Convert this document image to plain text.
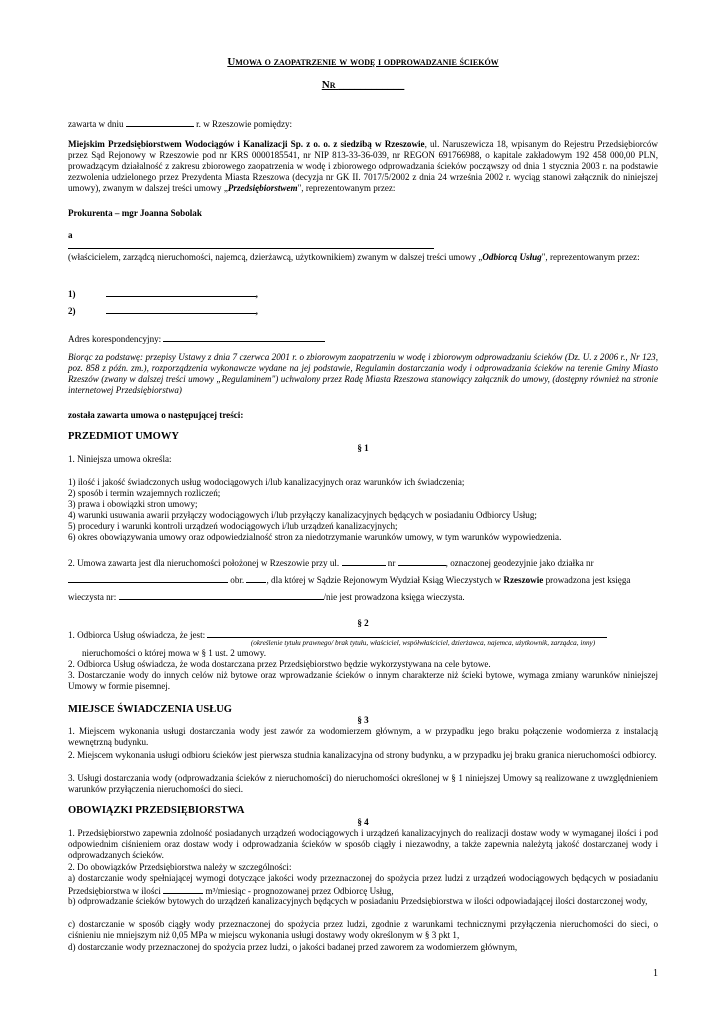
Umowa o zaopatrzenie w wodę i odprowadzanie ścieków
Nr ____________
zawarta w dniu	r. w Rzeszowie pomiędzy:
Miejskim Przedsiębiorstwem Wodociągów i Kanalizacji Sp. z o. o. z siedzibą w Rzeszowie, ul. Naruszewicza 18, wpisanym do Rejestru Przedsiębiorców przez Sąd Rejonowy w Rzeszowie pod nr KRS 0000185541, nr NIP 813-33-36-039, nr REGON 691766988, o kapitale zakładowym 192 458 000,00 PLN, prowadzącym działalność z zakresu zbiorowego zaopatrzenia w wodę i zbiorowego odprowadzania ścieków począwszy od dnia 1 stycznia 2003 r. na podstawie zezwolenia udzielonego przez Prezydenta Miasta Rzeszowa (decyzja nr GK II. 7017/5/2002 z dnia 24 września 2002 r. wyciąg stanowi załącznik do niniejszej umowy), zwanym w dalszej treści umowy „Przedsiębiorstwem", reprezentowanym przez:
Prokurenta – mgr Joanna Sobolak
a
(właścicielem, zarządcą nieruchomości, najemcą, dzierżawcą, użytkownikiem) zwanym w dalszej treści umowy „Odbiorcą Usług", reprezentowanym przez:
1)	,
2)	,
Adres korespondencyjny:
Biorąc za podstawę: przepisy Ustawy z dnia 7 czerwca 2001 r. o zbiorowym zaopatrzeniu w wodę i zbiorowym odprowadzaniu ścieków (Dz. U. z 2006 r., Nr 123, poz. 858 z późn. zm.), rozporządzenia wykonawcze wydane na jej podstawie, Regulamin dostarczania wody i odprowadzania ścieków na terenie Gminy Miasto Rzeszów (zwany w dalszej treści umowy „Regulaminem") uchwalony przez Radę Miasta Rzeszowa stanowiący załącznik do umowy, (dostępny również na stronie internetowej Przedsiębiorstwa)
została zawarta umowa o następującej treści:
PRZEDMIOT UMOWY
§ 1
1. Niniejsza umowa określa:
1) ilość i jakość świadczonych usług wodociągowych i/lub kanalizacyjnych oraz warunków ich świadczenia;
2) sposób i termin wzajemnych rozliczeń;
3) prawa i obowiązki stron umowy;
4) warunki usuwania awarii przyłączy wodociągowych i/lub przyłączy kanalizacyjnych będących w posiadaniu Odbiorcy Usług;
5) procedury i warunki kontroli urządzeń wodociągowych i/lub urządzeń kanalizacyjnych;
6) okres obowiązywania umowy oraz odpowiedzialność stron za niedotrzymanie warunków umowy, w tym warunków wypowiedzenia.
2. Umowa zawarta jest dla nieruchomości położonej w Rzeszowie przy ul.	nr	, oznaczonej geodezyjnie jako działka nr
obr. , dla której w Sądzie Rejonowym Wydział Ksiąg Wieczystych w Rzeszowie prowadzona jest księga
wieczysta nr:	/nie jest prowadzona księga wieczysta.
§ 2
1. Odbiorca Usług oświadcza, że jest:
(określenie tytułu prawnego/ brak tytułu, właściciel, współwłaściciel, dzierżawca, najemca, użytkownik, zarządca, inny)
nieruchomości o której mowa w § 1 ust. 2 umowy.
2. Odbiorca Usług oświadcza, że woda dostarczana przez Przedsiębiorstwo będzie wykorzystywana na cele bytowe.
3. Dostarczanie wody do innych celów niż bytowe oraz wprowadzanie ścieków o innym charakterze niż ścieki bytowe, wymaga zmiany warunków niniejszej Umowy w formie pisemnej.
MIEJSCE ŚWIADCZENIA USŁUG
§ 3
1. Miejscem wykonania usługi dostarczania wody jest zawór za wodomierzem głównym, a w przypadku jego braku połączenie wodomierza z instalacją wewnętrzną budynku.
2. Miejscem wykonania usługi odbioru ścieków jest pierwsza studnia kanalizacyjna od strony budynku, a w przypadku jej braku granica nieruchomości odbiorcy.
3. Usługi dostarczania wody (odprowadzania ścieków z nieruchomości) do nieruchomości określonej w § 1 niniejszej Umowy są realizowane z uwzględnieniem warunków przyłączenia nieruchomości do sieci.
OBOWIĄZKI PRZEDSIĘBIORSTWA
§ 4
1. Przedsiębiorstwo zapewnia zdolność posiadanych urządzeń wodociągowych i urządzeń kanalizacyjnych do realizacji dostaw wody w wymaganej ilości i pod odpowiednim ciśnieniem oraz dostaw wody i odprowadzania ścieków w sposób ciągły i niezawodny, a także zapewnia należytą jakość dostarczanej wody i odprowadzanych ścieków.
2. Do obowiązków Przedsiębiorstwa należy w szczególności:
a) dostarczanie wody spełniającej wymogi dotyczące jakości wody przeznaczonej do spożycia przez ludzi z urządzeń wodociągowych będących w posiadaniu Przedsiębiorstwa w ilości	m³/miesiąc - prognozowanej przez Odbiorcę Usług,
b) odprowadzanie ścieków bytowych do urządzeń kanalizacyjnych będących w posiadaniu Przedsiębiorstwa w ilości odpowiadającej ilości dostarczonej wody,
c) dostarczanie w sposób ciągły wody przeznaczonej do spożycia przez ludzi, zgodnie z warunkami technicznymi przyłączenia nieruchomości do sieci, o ciśnieniu nie mniejszym niż 0,05 MPa w miejscu wykonania usługi dostawy wody określonym w § 3 pkt 1,
d) dostarczanie wody przeznaczonej do spożycia przez ludzi, o jakości badanej przed zaworem za wodomierzem głównym,
1
